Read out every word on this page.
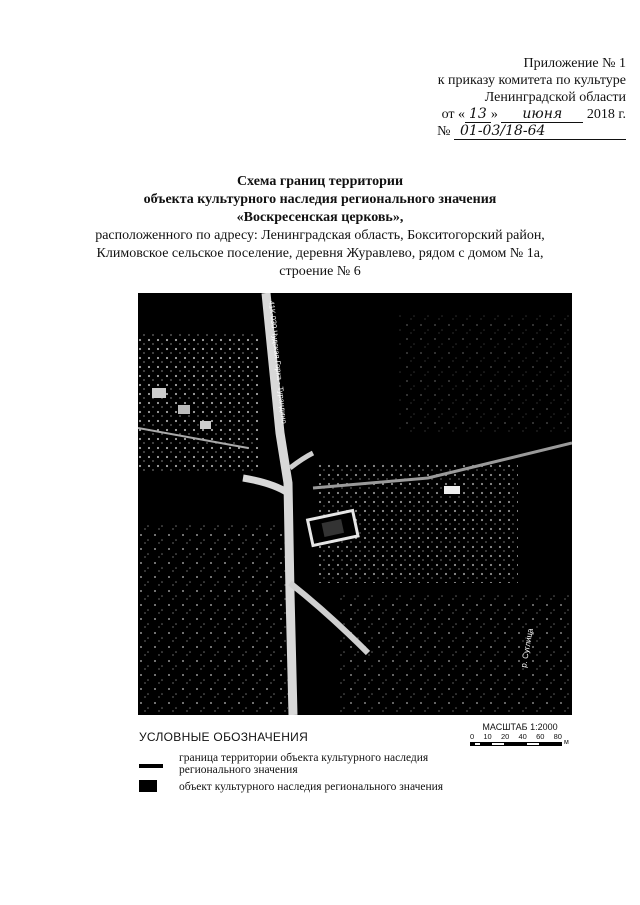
Приложение № 1
к приказу комитета по культуре
Ленинградской области
от « 13 » июня 2018 г.
№ 01-03/18-64
Схема границ территории
объекта культурного наследия регионального значения
«Воскресенская церковь»,
расположенного по адресу: Ленинградская область, Бокситогорский район,
Климовское сельское поселение, деревня Журавлево, рядом с домом № 1а,
строение № 6
41К-030 Чудская Горка - Турандино
р. Суглица
УСЛОВНЫЕ ОБОЗНАЧЕНИЯ
МАСШТАБ 1:2000
0 10 20 40 60 80
м
граница территории объекта культурного наследия регионального значения
объект культурного наследия регионального значения
